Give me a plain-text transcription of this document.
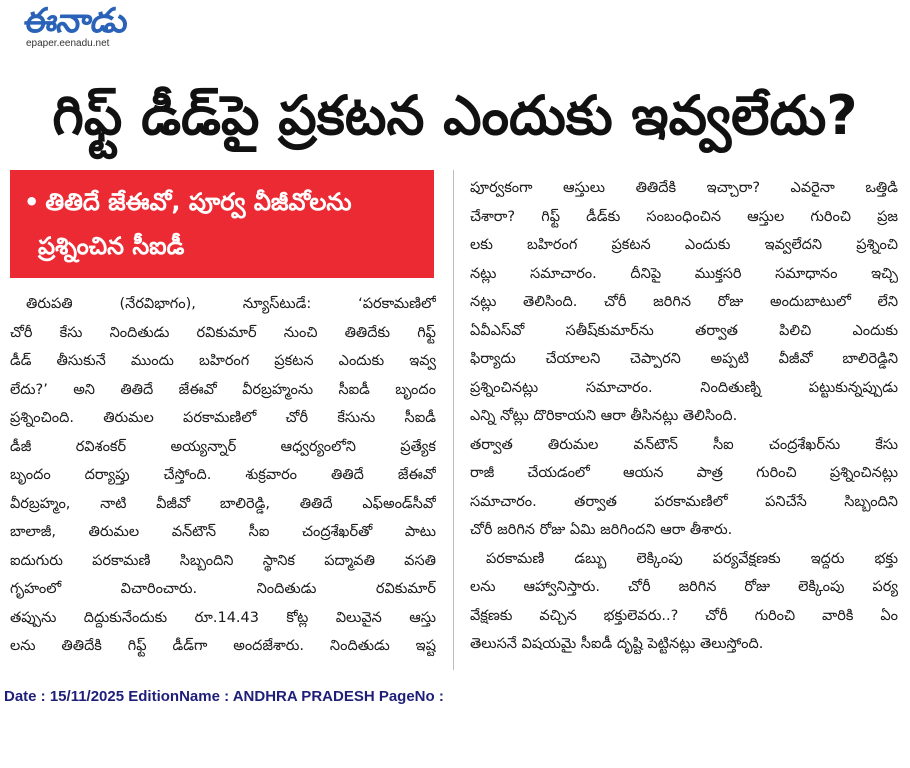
ఈనాడు
epaper.eenadu.net
గిఫ్ట్ డీడ్‌పై ప్రకటన ఎందుకు ఇవ్వలేదు?
• తితిదే జేఈవో, పూర్వ వీజీవోలను
ప్రశ్నించిన సీఐడీ
తిరుపతి (నేరవిభాగం), న్యూస్‌టుడే: ‘పరకామణిలో
చోరీ కేసు నిందితుడు రవికుమార్ నుంచి తితిదేకు గిఫ్ట్
డీడ్ తీసుకునే ముందు బహిరంగ ప్రకటన ఎందుకు ఇవ్వ
లేదు?’ అని తితిదే జేఈవో వీరబ్రహ్మంను సీఐడీ బృందం
ప్రశ్నించింది. తిరుమల పరకామణిలో చోరీ కేసును సీఐడీ
డీజీ రవిశంకర్ అయ్యన్నార్ ఆధ్వర్యంలోని ప్రత్యేక
బృందం దర్యాప్తు చేస్తోంది. శుక్రవారం తితిదే జేఈవో
వీరబ్రహ్మం, నాటి వీజీవో బాలిరెడ్డి, తితిదే ఎఫ్అండ్‌సీవో
బాలాజీ, తిరుమల వన్‌టౌన్ సీఐ చంద్రశేఖర్‌తో పాటు
ఐదుగురు పరకామణి సిబ్బందిని స్థానిక పద్మావతి వసతి
గృహంలో విచారించారు. నిందితుడు రవికుమార్
తప్పును దిద్దుకునేందుకు రూ.14.43 కోట్ల విలువైన ఆస్తు
లను తితిదేకి గిఫ్ట్ డీడ్‌గా అందజేశారు. నిందితుడు ఇష్ట
పూర్వకంగా ఆస్తులు తితిదేకి ఇచ్చారా? ఎవరైనా ఒత్తిడి
చేశారా? గిఫ్ట్ డీడ్‌కు సంబంధించిన ఆస్తుల గురించి ప్రజ
లకు బహిరంగ ప్రకటన ఎందుకు ఇవ్వలేదని ప్రశ్నించి
నట్లు సమాచారం. దీనిపై ముక్తసరి సమాధానం ఇచ్చి
నట్లు తెలిసింది. చోరీ జరిగిన రోజు అందుబాటులో లేని
ఏవీఎస్‌వో సతీష్‌కుమార్‌ను తర్వాత పిలిచి ఎందుకు
ఫిర్యాదు చేయాలని చెప్పారని అప్పటి వీజీవో బాలిరెడ్డిని
ప్రశ్నించినట్లు సమాచారం. నిందితుణ్ని పట్టుకున్నప్పుడు
ఎన్ని నోట్లు దొరికాయని ఆరా తీసినట్లు తెలిసింది.
తర్వాత తిరుమల వన్‌టౌన్ సీఐ చంద్రశేఖర్‌ను కేసు
రాజీ చేయడంలో ఆయన పాత్ర గురించి ప్రశ్నించినట్లు
సమాచారం. తర్వాత పరకామణిలో పనిచేసే సిబ్బందిని
చోరీ జరిగిన రోజు ఏమి జరిగిందని ఆరా తీశారు.
పరకామణి డబ్బు లెక్కింపు పర్యవేక్షణకు ఇద్దరు భక్తు
లను ఆహ్వానిస్తారు. చోరీ జరిగిన రోజు లెక్కింపు పర్య
వేక్షణకు వచ్చిన భక్తులెవరు..? చోరీ గురించి వారికి ఏం
తెలుసనే విషయమై సీఐడీ దృష్టి పెట్టినట్లు తెలుస్తోంది.
Date : 15/11/2025 EditionName : ANDHRA PRADESH PageNo :
